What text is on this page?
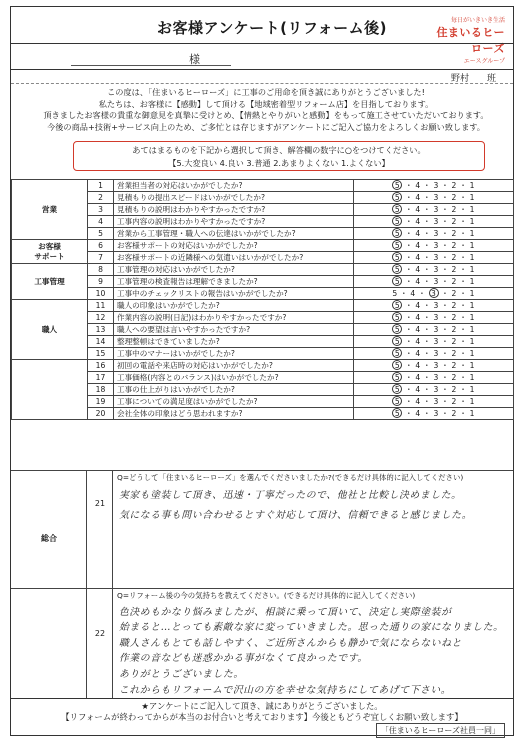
お客様アンケート(リフォーム後)	毎日がいきいき生活
住まいるヒーローズ
エースグループ
様
野村 班
この度は、「住まいるヒーローズ」に工事のご用命を頂き誠にありがとうございました!
私たちは、お客様に【感動】して頂ける【地域密着型リフォーム店】を目指しております。
頂きましたお客様の貴重な御意見を真摯に受けとめ、【情熱とやりがいと感動】をもって施工させていただいております。
今後の商品+技術+サービス向上のため、ご多忙とは存じますがアンケートにご記入ご協力をよろしくお願い致します。
あてはまるものを下記から選択して頂き、解答欄の数字に○をつけてください。
【5.大変良い 4.良い 3.普通 2.あまりよくない 1.よくない】
営業	1	営業担当者の対応はいかがでしたか?	5 ・ 4 ・ 3 ・ 2 ・ 1
	2	見積もりの提出スピードはいかがでしたか?	5 ・ 4 ・ 3 ・ 2 ・ 1
	3	見積もりの説明はわかりやすかったですか?	5 ・ 4 ・ 3 ・ 2 ・ 1
	4	工事内容の説明はわかりやすかったですか?	5 ・ 4 ・ 3 ・ 2 ・ 1
	5	営業から工事管理・職人への伝達はいかがでしたか?	5 ・ 4 ・ 3 ・ 2 ・ 1
お客様
サポート	6	お客様サポートの対応はいかがでしたか?	5 ・ 4 ・ 3 ・ 2 ・ 1
	7	お客様サポートの近隣様への気遣いはいかがでしたか?	5 ・ 4 ・ 3 ・ 2 ・ 1
工事管理	8	工事管理の対応はいかがでしたか?	5 ・ 4 ・ 3 ・ 2 ・ 1
	9	工事管理の検査報告は理解できましたか?	5 ・ 4 ・ 3 ・ 2 ・ 1
	10	工事中のチェックリストの報告はいかがでしたか?	5 ・ 4 ・ 3 ・ 2 ・ 1
職人	11	職人の印象はいかがでしたか?	5 ・ 4 ・ 3 ・ 2 ・ 1
	12	作業内容の説明(日記)はわかりやすかったですか?	5 ・ 4 ・ 3 ・ 2 ・ 1
	13	職人への要望は言いやすかったですか?	5 ・ 4 ・ 3 ・ 2 ・ 1
	14	整理整頓はできていましたか?	5 ・ 4 ・ 3 ・ 2 ・ 1
	15	工事中のマナーはいかがでしたか?	5 ・ 4 ・ 3 ・ 2 ・ 1
	16	初回の電話や来店時の対応はいかがでしたか?	5 ・ 4 ・ 3 ・ 2 ・ 1
	17	工事価格(内容とのバランス)はいかがでしたか?	5 ・ 4 ・ 3 ・ 2 ・ 1
	18	工事の仕上がりはいかがでしたか?	5 ・ 4 ・ 3 ・ 2 ・ 1
	19	工事についての満足度はいかがでしたか?	5 ・ 4 ・ 3 ・ 2 ・ 1
	20	会社全体の印象はどう思われますか?	5 ・ 4 ・ 3 ・ 2 ・ 1
総合
21
Q=どうして「住まいるヒーローズ」を選んでくださいましたか?(できるだけ具体的に記入してください)
実家も塗装して頂き、迅速・丁寧だったので、他社と比較し決めました。
気になる事も問い合わせるとすぐ対応して頂け、信頼できると感じました。
22
Q=リフォーム後の今の気持ちを教えてください。(できるだけ具体的に記入してください)
色決めもかなり悩みましたが、相談に乗って頂いて、決定し実際塗装が
始まると…とっても素敵な家に変っていきました。思った通りの家になりました。
職人さんもとても話しやすく、ご近所さんからも静かで気にならないねと
作業の音なども迷惑かかる事がなくて良かったです。
ありがとうございました。
これからもリフォームで沢山の方を幸せな気持ちにしてあげて下さい。
★アンケートにご記入して頂き、誠にありがとうございました。
【リフォームが終わってからが本当のお付合いと考えております】今後ともどうぞ宜しくお願い致します】
「住まいるヒーローズ社員一同」
